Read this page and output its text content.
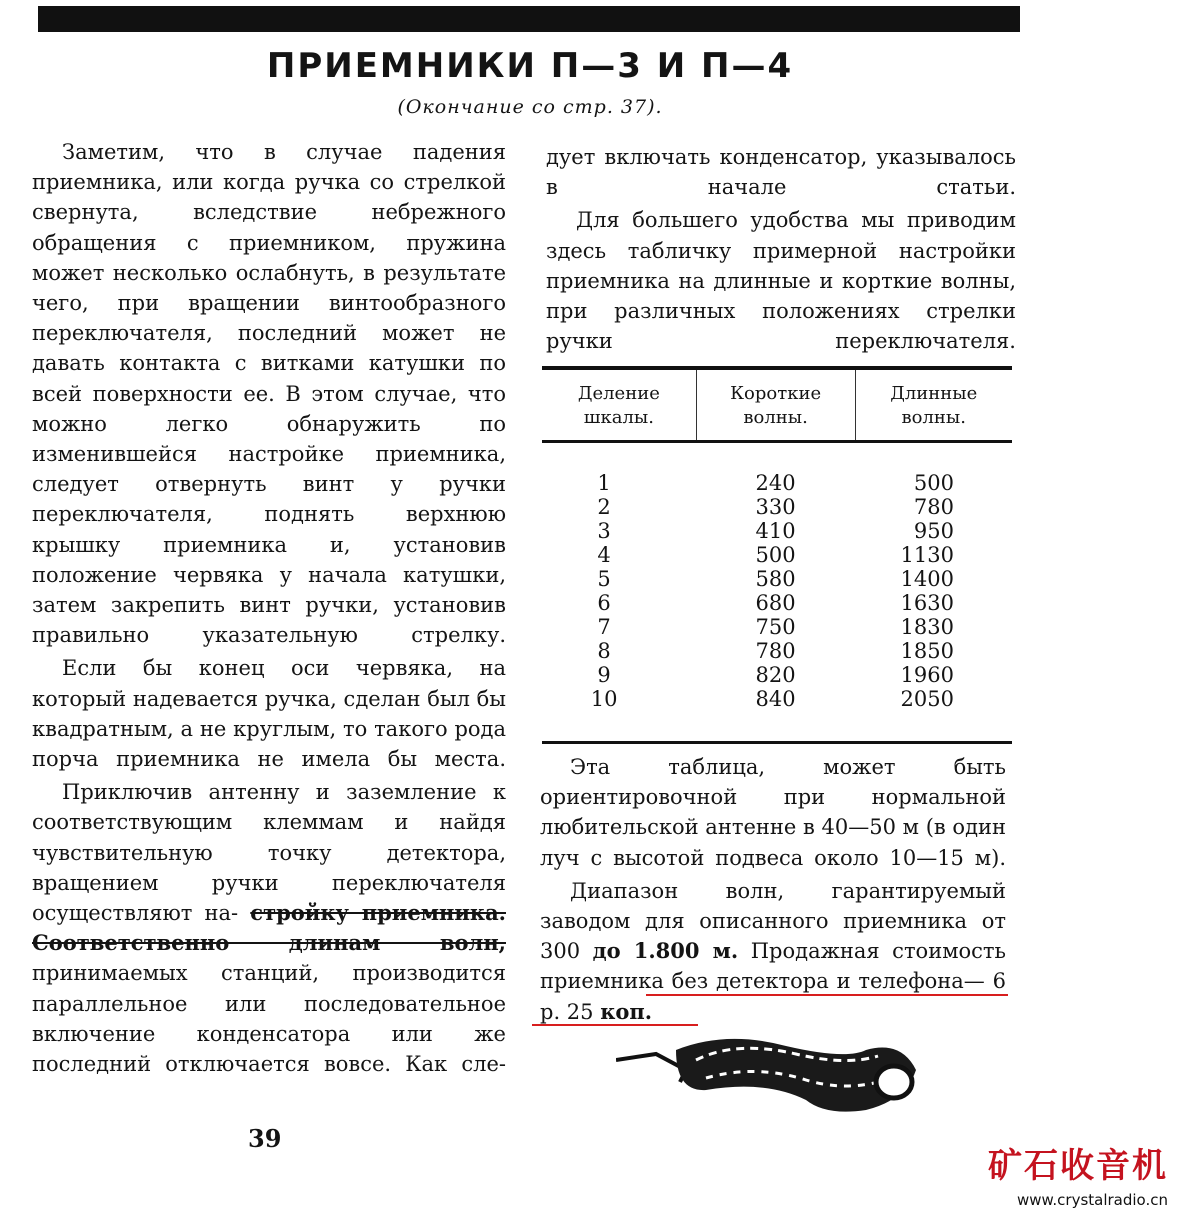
ПРИЕМНИКИ П—3 И П—4
(Окончание со стр. 37).

Заметим, что в случае падения приемника, или когда ручка со стрелкой свернута, вследствие небрежного обращения с приемником, пружина может несколько ослабнуть, в результате чего, при вращении винтообразного переключателя, последний может не давать контакта с витками катушки по всей поверхности ее. В этом случае, что можно легко обнаружить по изменившейся настройке приемника, следует отвернуть винт у ручки переключателя, поднять верхнюю крышку приемника и, установив положение червяка у начала катушки, затем закрепить винт ручки, установив правильно указательную стрелку.

Если бы конец оси червяка, на который надевается ручка, сделан был бы квадратным, а не круглым, то такого рода порча приемника не имела бы места.

Приключив антенну и заземление к соответствующим клеммам и найдя чувствительную точку детектора, вращением ручки переключателя осуществляют на- стройку приемника. Соответственно длинам волн, принимаемых станций, производится параллельное или последовательное включение конденсатора или же последний отключается вовсе. Как сле-

дует включать конденсатор, указывалось в начале статьи.

Для большего удобства мы приводим здесь табличку примерной настройки приемника на длинные и корткие волны, при различных положениях стрелки ручки переключателя.

Деление шкалы.	Короткие волны.	Длинные волны.
1	240	500
2	330	780
3	410	950
4	500	1130
5	580	1400
6	680	1630
7	750	1830
8	780	1850
9	820	1960
10	840	2050

Эта таблица, может быть ориентировочной при нормальной любительской антенне в 40—50 м (в один луч с высотой подвеса около 10—15 м).

Диапазон волн, гарантируемый заводом для описанного приемника от 300 до 1.800 м. Продажная стоимость приемника без детектора и телефона— 6 р. 25 коп.

39
矿石收音机
www.crystalradio.cn
